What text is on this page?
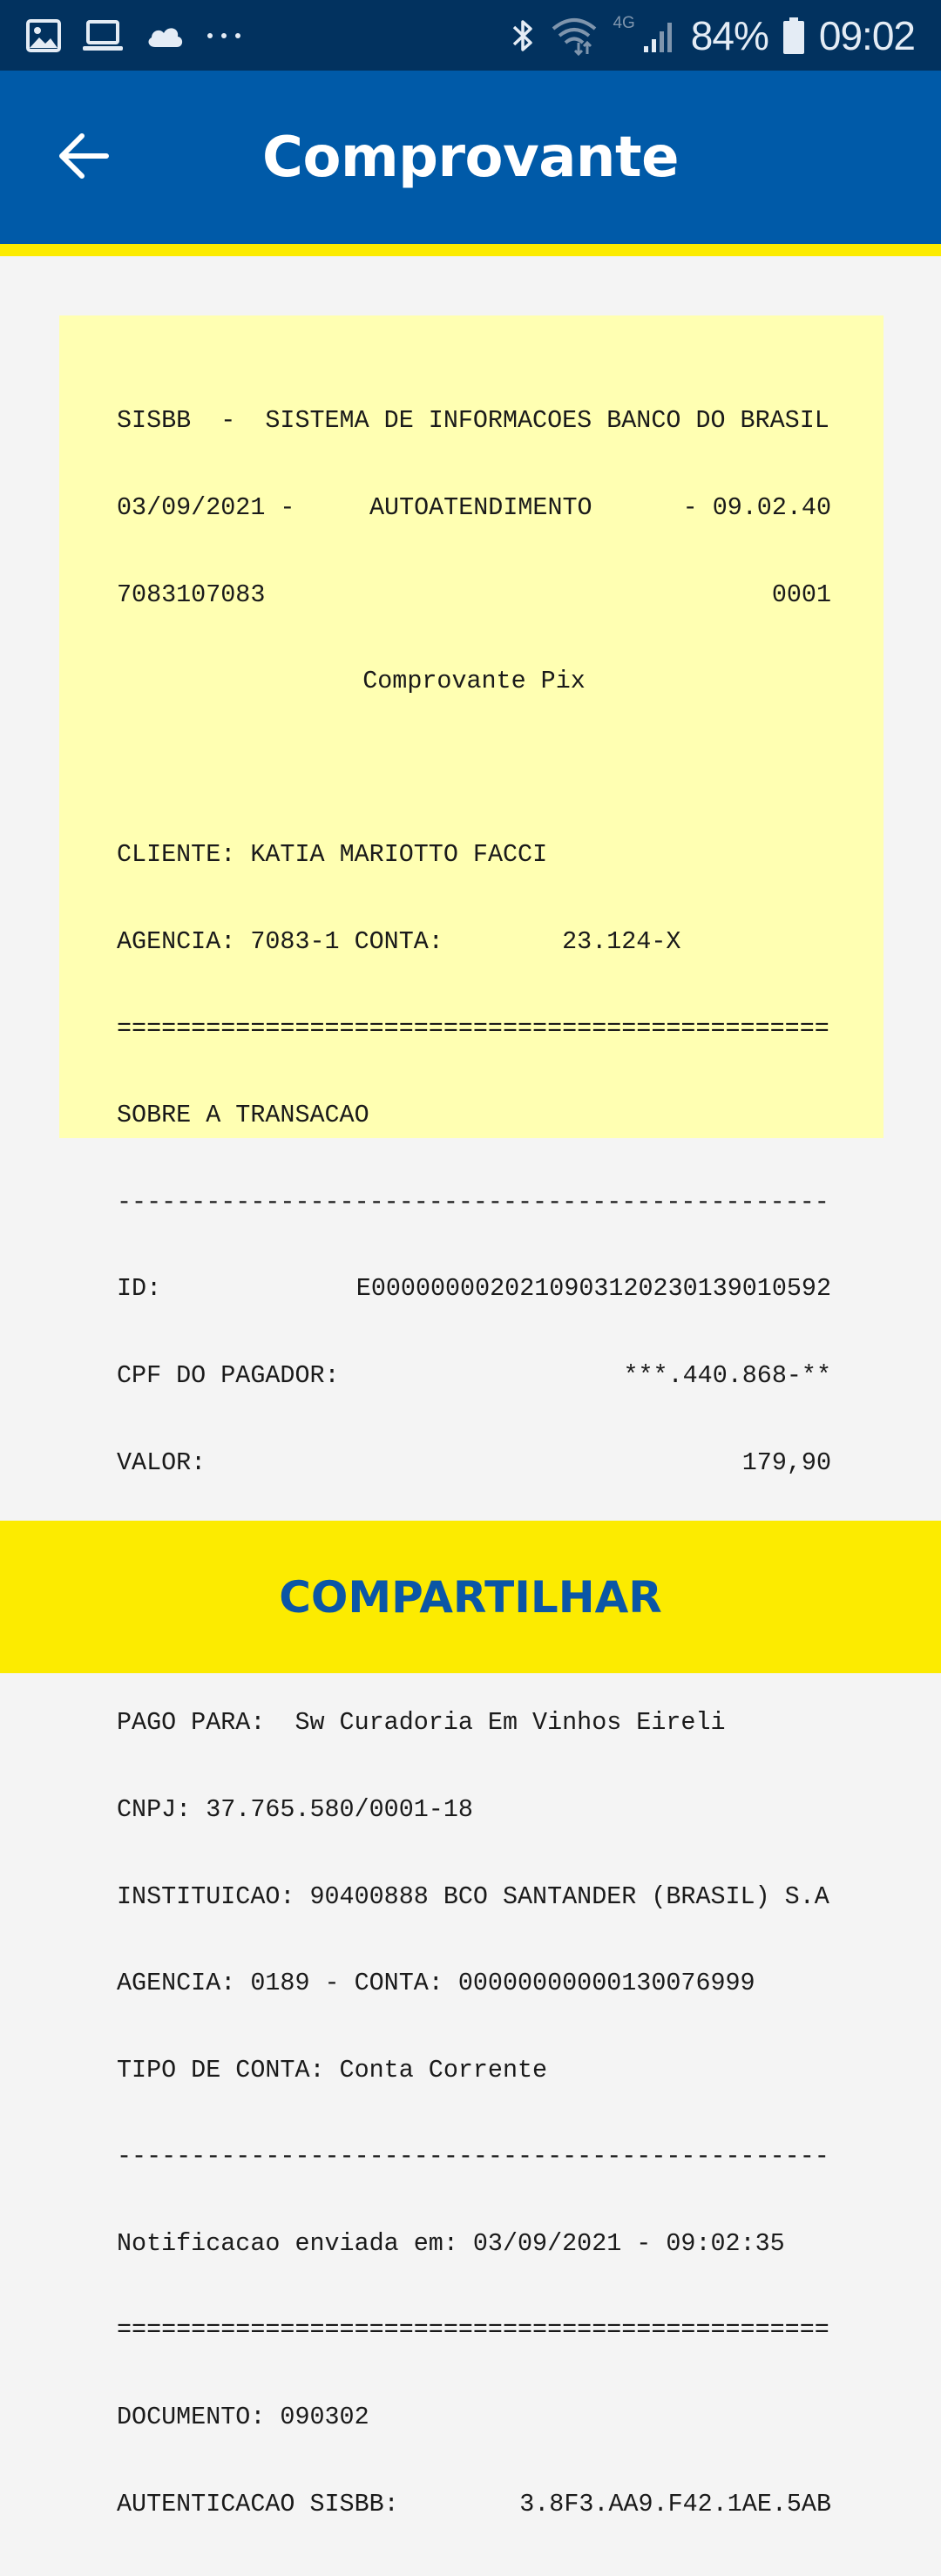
4G 84% 09:02
Comprovante

SISBB  -  SISTEMA DE INFORMACOES BANCO DO BRASIL

03/09/2021 -	AUTOATENDIMENTO	- 09.02.40

7083107083	0001

Comprovante Pix

CLIENTE: KATIA MARIOTTO FACCI

AGENCIA: 7083-1 CONTA:        23.124-X

================================================

SOBRE A TRANSACAO

------------------------------------------------

ID:	E0000000020210903120230139010592

CPF DO PAGADOR:	***.440.868-**

VALOR:	179,90

PAGO PARA:  Sw Curadoria Em Vinhos Eireli

CNPJ: 37.765.580/0001-18

INSTITUICAO: 90400888 BCO SANTANDER (BRASIL) S.A

AGENCIA: 0189 - CONTA: 00000000000130076999

TIPO DE CONTA: Conta Corrente

------------------------------------------------

Notificacao enviada em: 03/09/2021 - 09:02:35

================================================

DOCUMENTO: 090302

AUTENTICACAO SISBB:	3.8F3.AA9.F42.1AE.5AB

COMPARTILHAR
